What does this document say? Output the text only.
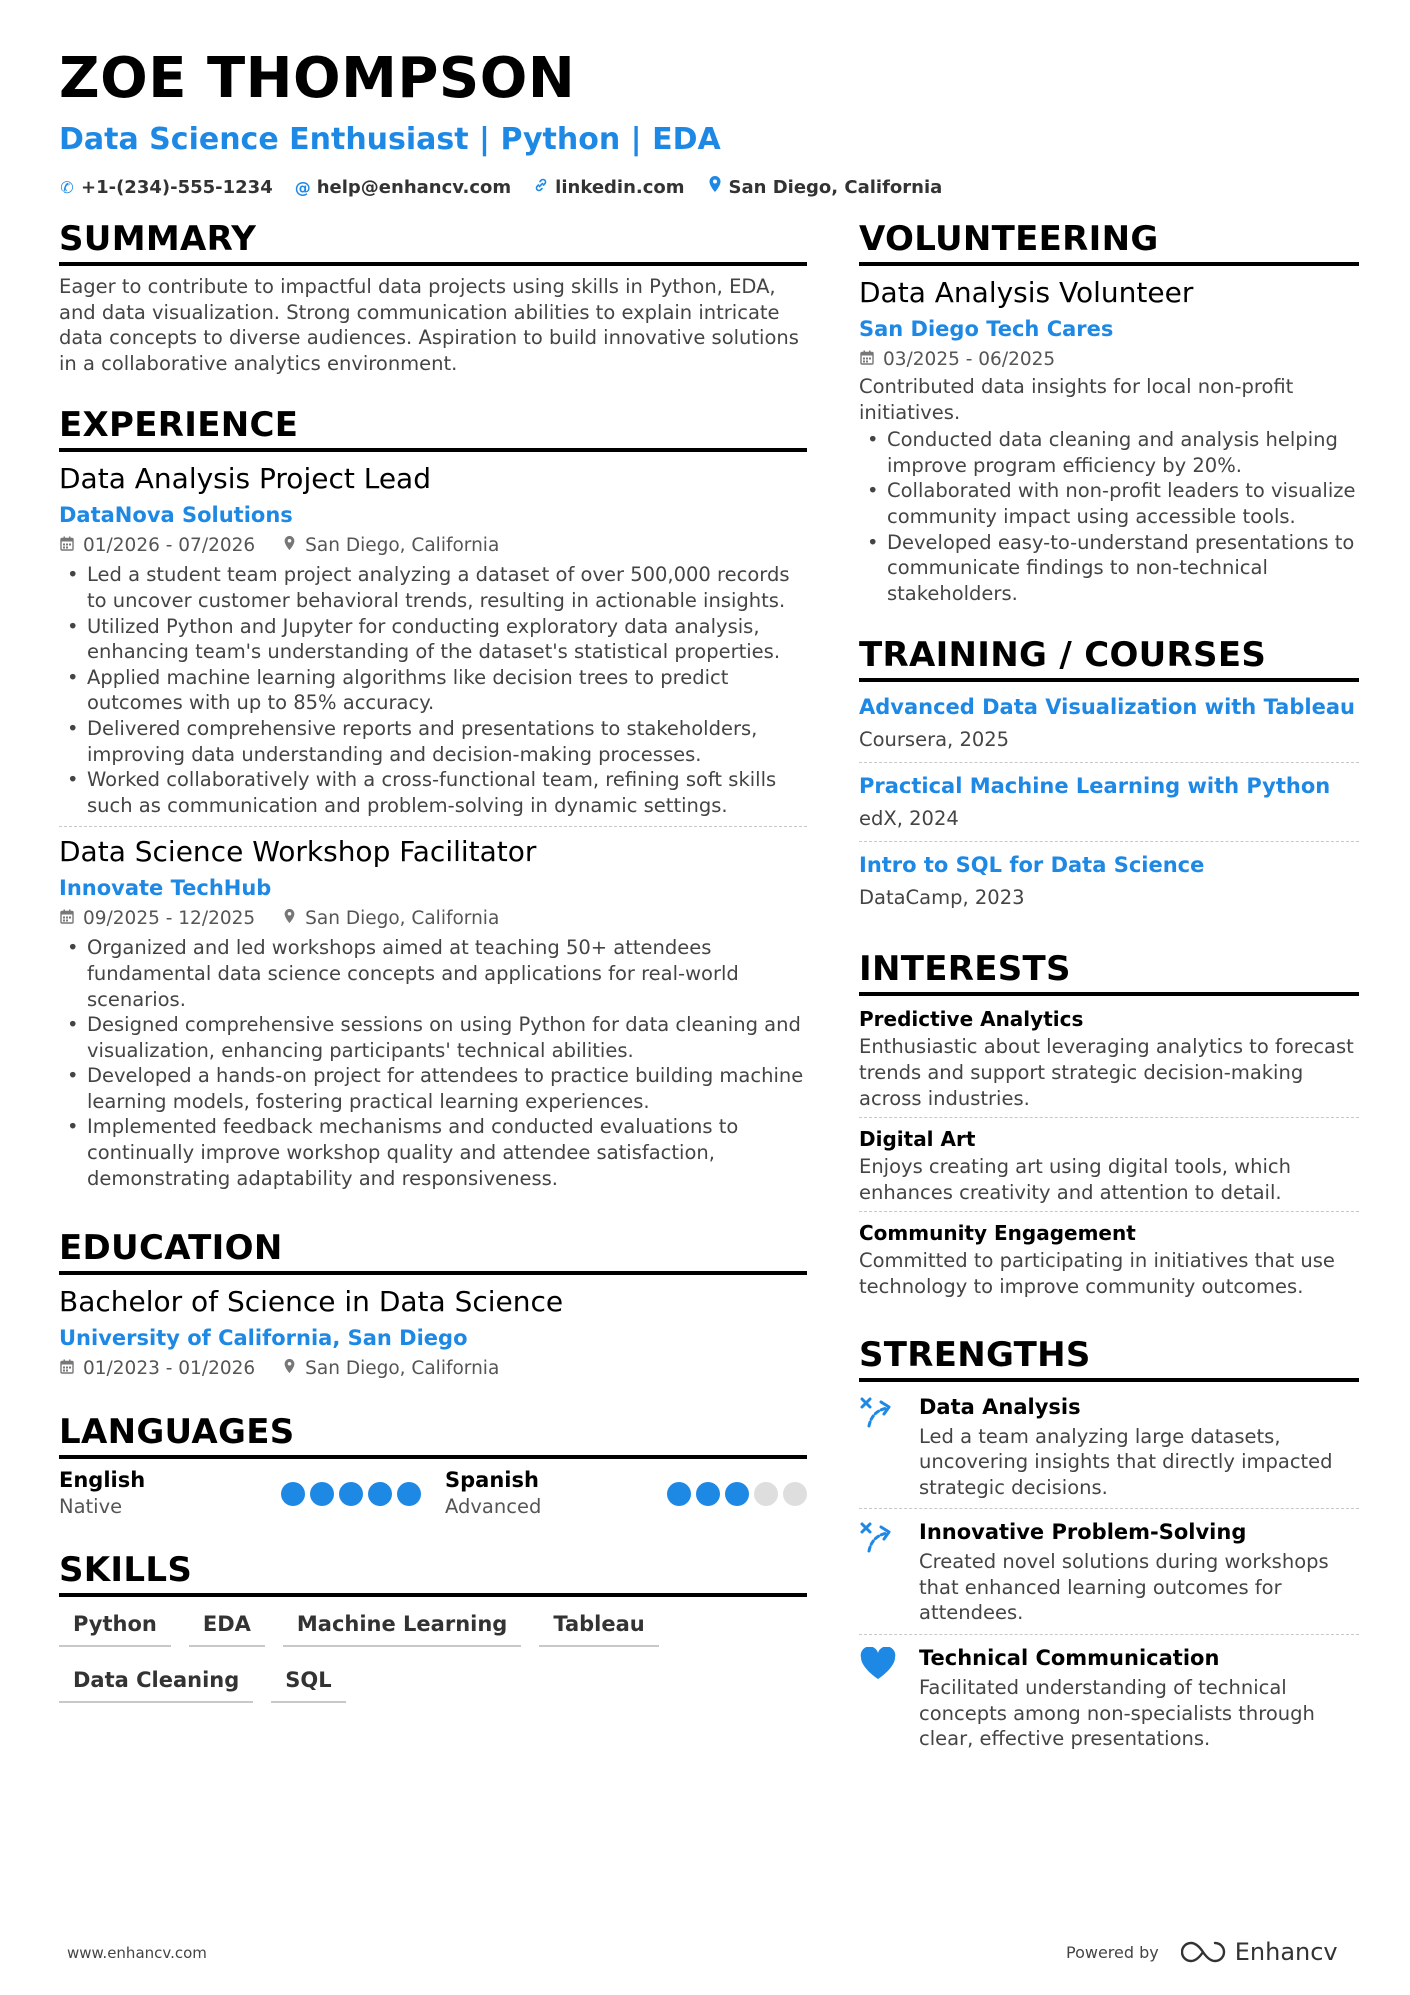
ZOE THOMPSON
Data Science Enthusiast | Python | EDA
✆ +1-(234)-555-1234 @ help@enhancv.com linkedin.com San Diego, California
SUMMARY
Eager to contribute to impactful data projects using skills in Python, EDA, and data visualization. Strong communication abilities to explain intricate data concepts to diverse audiences. Aspiration to build innovative solutions in a collaborative analytics environment.
EXPERIENCE
Data Analysis Project Lead
DataNova Solutions
01/2026 - 07/2026	San Diego, California
• Led a student team project analyzing a dataset of over 500,000 records to uncover customer behavioral trends, resulting in actionable insights.
• Utilized Python and Jupyter for conducting exploratory data analysis, enhancing team's understanding of the dataset's statistical properties.
• Applied machine learning algorithms like decision trees to predict outcomes with up to 85% accuracy.
• Delivered comprehensive reports and presentations to stakeholders, improving data understanding and decision-making processes.
• Worked collaboratively with a cross-functional team, refining soft skills such as communication and problem-solving in dynamic settings.
Data Science Workshop Facilitator
Innovate TechHub
09/2025 - 12/2025	San Diego, California
• Organized and led workshops aimed at teaching 50+ attendees fundamental data science concepts and applications for real-world scenarios.
• Designed comprehensive sessions on using Python for data cleaning and visualization, enhancing participants' technical abilities.
• Developed a hands-on project for attendees to practice building machine learning models, fostering practical learning experiences.
• Implemented feedback mechanisms and conducted evaluations to continually improve workshop quality and attendee satisfaction, demonstrating adaptability and responsiveness.
EDUCATION
Bachelor of Science in Data Science
University of California, San Diego
01/2023 - 01/2026	San Diego, California
LANGUAGES
English
Native
Spanish
Advanced
SKILLS
Python	EDA	Machine Learning	Tableau
Data Cleaning	SQL
VOLUNTEERING
Data Analysis Volunteer
San Diego Tech Cares
03/2025 - 06/2025
Contributed data insights for local non-profit initiatives.
• Conducted data cleaning and analysis helping improve program efficiency by 20%.
• Collaborated with non-profit leaders to visualize community impact using accessible tools.
• Developed easy-to-understand presentations to communicate findings to non-technical stakeholders.
TRAINING / COURSES
Advanced Data Visualization with Tableau
Coursera, 2025
Practical Machine Learning with Python
edX, 2024
Intro to SQL for Data Science
DataCamp, 2023
INTERESTS
Predictive Analytics
Enthusiastic about leveraging analytics to forecast trends and support strategic decision-making across industries.
Digital Art
Enjoys creating art using digital tools, which enhances creativity and attention to detail.
Community Engagement
Committed to participating in initiatives that use technology to improve community outcomes.
STRENGTHS
Data Analysis
Led a team analyzing large datasets, uncovering insights that directly impacted strategic decisions.
Innovative Problem-Solving
Created novel solutions during workshops that enhanced learning outcomes for attendees.
Technical Communication
Facilitated understanding of technical concepts among non-specialists through clear, effective presentations.
www.enhancv.com	Powered by	Enhancv
